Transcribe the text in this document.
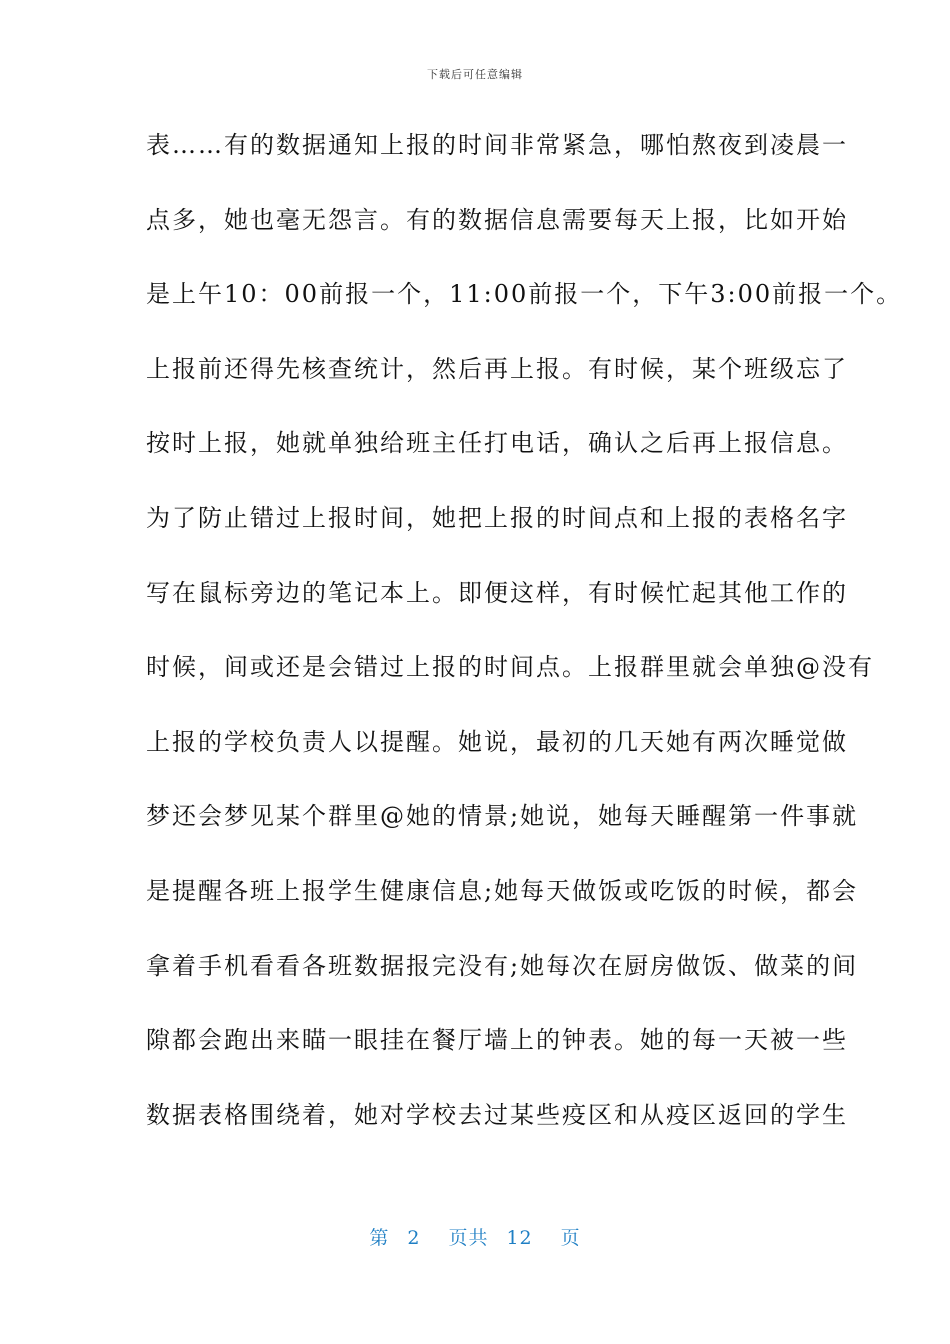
下载后可任意编辑
表……有的数据通知上报的时间非常紧急，哪怕熬夜到凌晨一
点多，她也毫无怨言。有的数据信息需要每天上报，比如开始
是上午10：00前报一个，11:00前报一个，下午3:00前报一个。
上报前还得先核查统计，然后再上报。有时候，某个班级忘了
按时上报，她就单独给班主任打电话，确认之后再上报信息。
为了防止错过上报时间，她把上报的时间点和上报的表格名字
写在鼠标旁边的笔记本上。即便这样，有时候忙起其他工作的
时候，间或还是会错过上报的时间点。上报群里就会单独@没有
上报的学校负责人以提醒。她说，最初的几天她有两次睡觉做
梦还会梦见某个群里@她的情景;她说，她每天睡醒第一件事就
是提醒各班上报学生健康信息;她每天做饭或吃饭的时候，都会
拿着手机看看各班数据报完没有;她每次在厨房做饭、做菜的间
隙都会跑出来瞄一眼挂在餐厅墙上的钟表。她的每一天被一些
数据表格围绕着，她对学校去过某些疫区和从疫区返回的学生
第 2 页共 12 页
